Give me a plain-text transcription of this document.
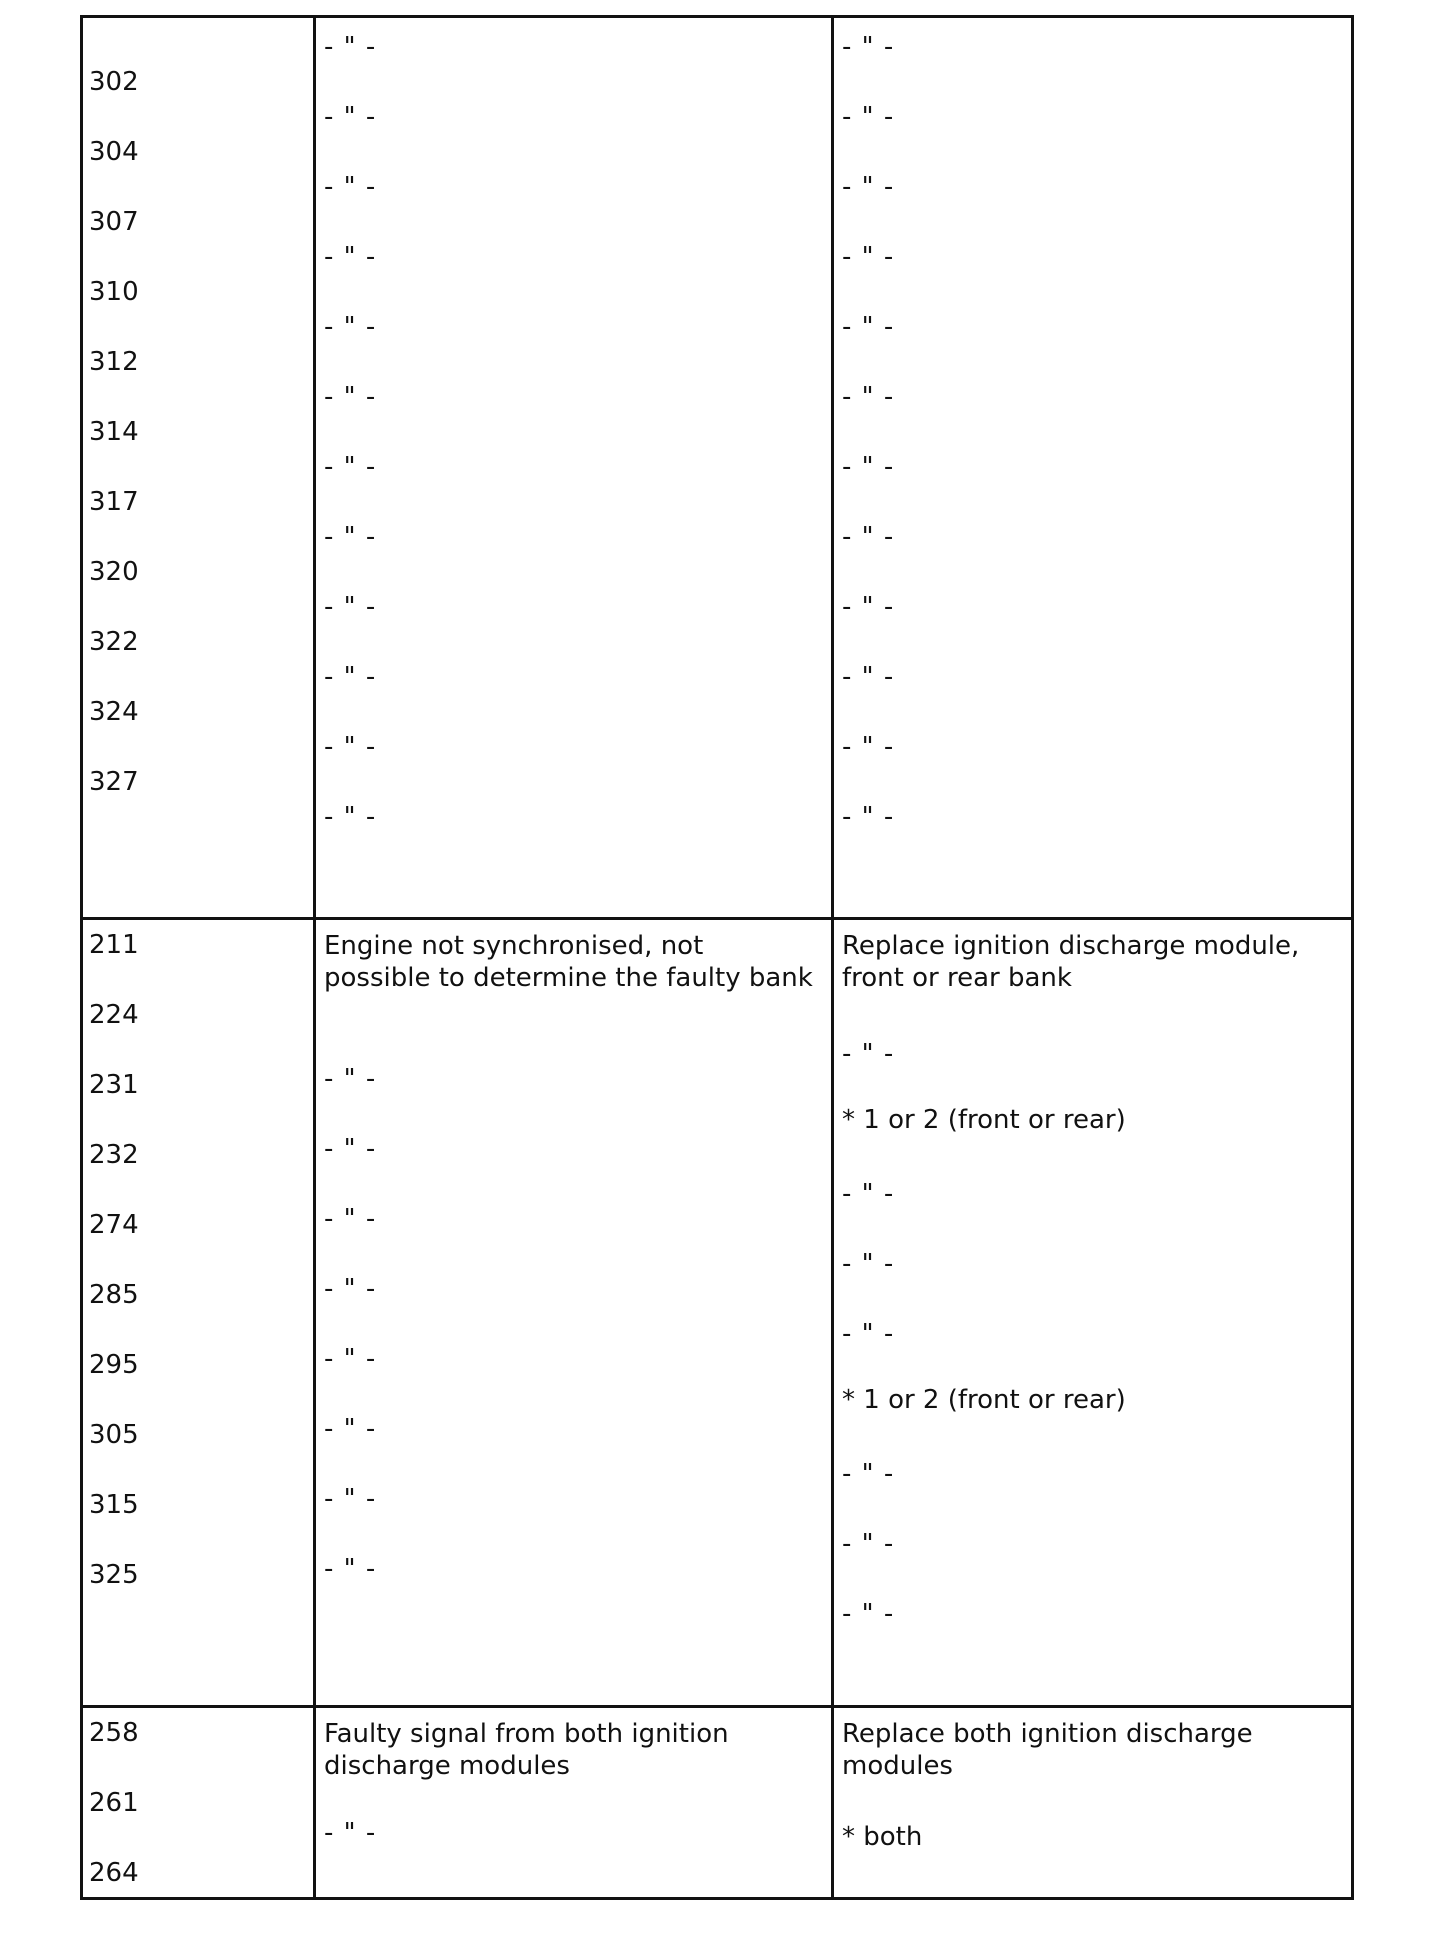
302
304
307
310
312
314
317
320
322
324
327
- " -
- " -
- " -
- " -
- " -
- " -
- " -
- " -
- " -
- " -
- " -
- " -
- " -
- " -
- " -
- " -
- " -
- " -
- " -
- " -
- " -
- " -
- " -
- " -
211
224
231
232
274
285
295
305
315
325
Engine not synchronised, not possible to determine the faulty bank
- " -
- " -
- " -
- " -
- " -
- " -
- " -
- " -
Replace ignition discharge module, front or rear bank
- " -
* 1 or 2 (front or rear)
- " -
- " -
- " -
* 1 or 2 (front or rear)
- " -
- " -
- " -
258
261
264
Faulty signal from both ignition discharge modules
- " -
Replace both ignition discharge modules
* both
